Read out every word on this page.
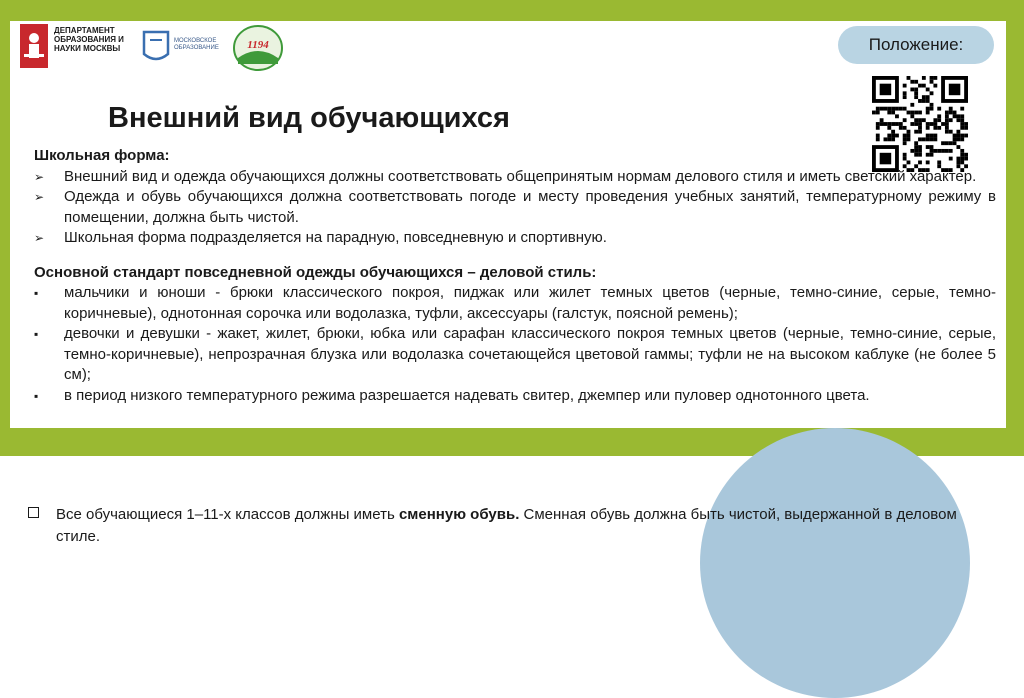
ДЕПАРТАМЕНТ ОБРАЗОВАНИЯ И НАУКИ МОСКВЫ
МОСКОВСКОЕ ОБРАЗОВАНИЕ	1194	Положение:
Внешний вид обучающихся
Школьная форма:
➢ Внешний вид и одежда обучающихся должны соответствовать общепринятым нормам делового стиля и иметь светский характер.
➢ Одежда и обувь обучающихся должна соответствовать погоде и месту проведения учебных занятий, температурному режиму в помещении, должна быть чистой.
➢ Школьная форма подразделяется на парадную, повседневную и спортивную.
Основной стандарт повседневной одежды обучающихся – деловой стиль:
▪ мальчики и юноши - брюки классического покроя, пиджак или жилет темных цветов (черные, темно-синие, серые, темно-коричневые), однотонная сорочка или водолазка, туфли, аксессуары (галстук, поясной ремень);
▪ девочки и девушки - жакет, жилет, брюки, юбка или сарафан классического покроя темных цветов (черные, темно-синие, серые, темно-коричневые), непрозрачная блузка или водолазка сочетающейся цветовой гаммы; туфли не на высоком каблуке (не более 5 см);
▪ в период низкого температурного режима разрешается надевать свитер, джемпер или пуловер однотонного цвета.
Все обучающиеся 1–11-х классов должны иметь сменную обувь. Сменная обувь должна быть чистой, выдержанной в деловом стиле.
